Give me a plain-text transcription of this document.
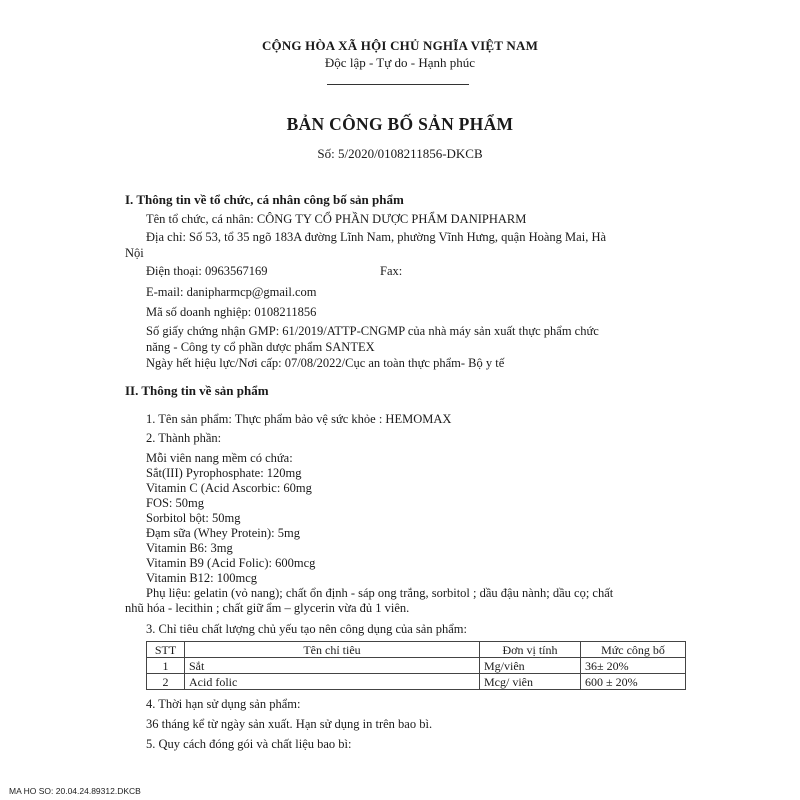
CỘNG HÒA XÃ HỘI CHỦ NGHĨA VIỆT NAM
Độc lập - Tự do - Hạnh phúc
BẢN CÔNG BỐ SẢN PHẨM
Số: 5/2020/0108211856-DKCB
I. Thông tin về tổ chức, cá nhân công bố sản phẩm
Tên tổ chức, cá nhân: CÔNG TY CỔ PHẦN DƯỢC PHẨM DANIPHARM
Địa chỉ: Số 53, tổ 35 ngõ 183A đường Lĩnh Nam, phường Vĩnh Hưng, quận Hoàng Mai, Hà
Nội
Điện thoại: 0963567169	Fax:
E-mail: danipharmcp@gmail.com
Mã số doanh nghiệp: 0108211856
Số giấy chứng nhận GMP: 61/2019/ATTP-CNGMP của nhà máy sản xuất thực phẩm chức
năng - Công ty cổ phần dược phẩm SANTEX
Ngày hết hiệu lực/Nơi cấp: 07/08/2022/Cục an toàn thực phẩm- Bộ y tế
II. Thông tin về sản phẩm
1. Tên sản phẩm: Thực phẩm bảo vệ sức khỏe : HEMOMAX
2. Thành phần:
Mỗi viên nang mềm có chứa:
Sắt(III) Pyrophosphate: 120mg
Vitamin C (Acid Ascorbic: 60mg
FOS: 50mg
Sorbitol bột: 50mg
Đạm sữa (Whey Protein): 5mg
Vitamin B6: 3mg
Vitamin B9 (Acid Folic): 600mcg
Vitamin B12: 100mcg
Phụ liệu: gelatin (vỏ nang); chất ổn định - sáp ong trắng, sorbitol ; dầu đậu nành; dầu cọ; chất
nhũ hóa - lecithin ; chất giữ ẩm – glycerin vừa đủ 1 viên.
3. Chỉ tiêu chất lượng chủ yếu tạo nên công dụng của sản phẩm:
STT	Tên chỉ tiêu	Đơn vị tính	Mức công bố
1	Sắt	Mg/viên	36± 20%
2	Acid folic	Mcg/ viên	600 ± 20%
4. Thời hạn sử dụng sản phẩm:
36 tháng kể từ ngày sản xuất. Hạn sử dụng in trên bao bì.
5. Quy cách đóng gói và chất liệu bao bì:
MA HO SO: 20.04.24.89312.DKCB
